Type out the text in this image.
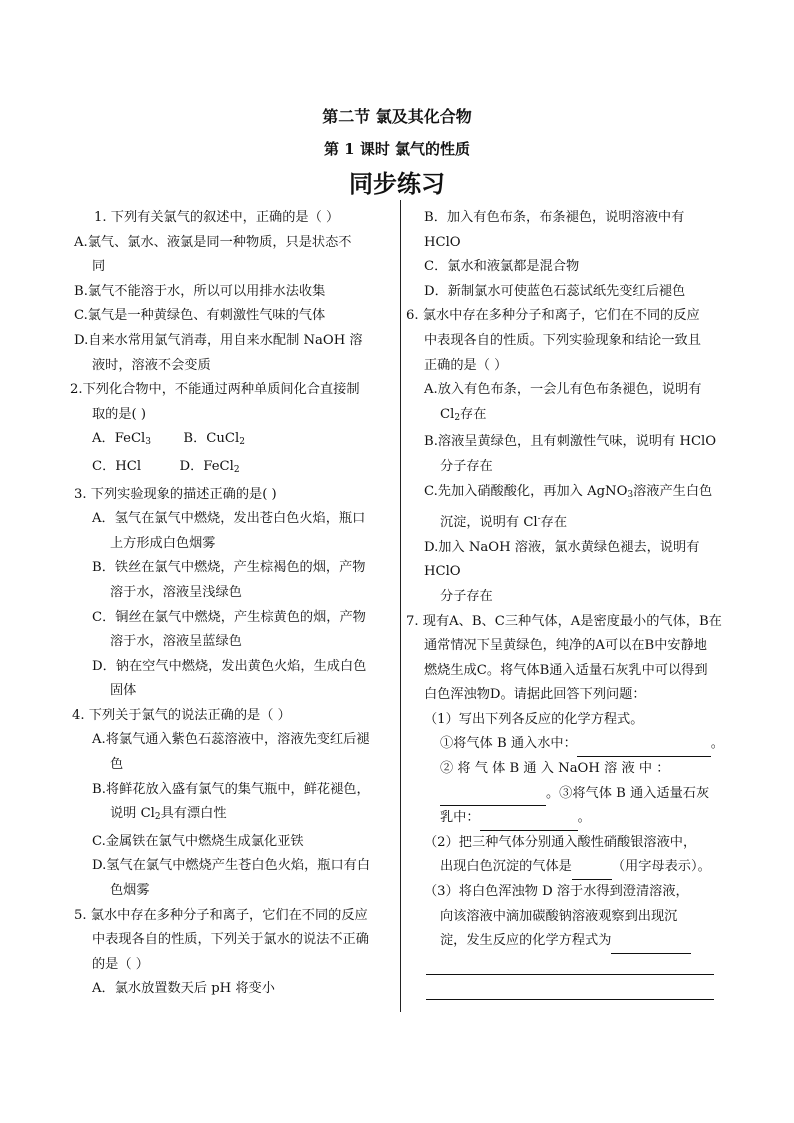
第二节 氯及其化合物
第 1 课时 氯气的性质
同步练习
1. 下列有关氯气的叙述中，正确的是（ ）
A.氯气、氯水、液氯是同一种物质，只是状态不
同
B.氯气不能溶于水，所以可以用排水法收集
C.氯气是一种黄绿色、有刺激性气味的气体
D.自来水常用氯气消毒，用自来水配制 NaOH 溶
液时，溶液不会变质
2.下列化合物中，不能通过两种单质间化合直接制
取的是( )
A．FeCl$_3$ B．CuCl$_2$
C．HCl	D．FeCl$_2$
3. 下列实验现象的描述正确的是( )
A．氢气在氯气中燃烧，发出苍白色火焰，瓶口
上方形成白色烟雾
B．铁丝在氯气中燃烧，产生棕褐色的烟，产物
溶于水，溶液呈浅绿色
C．铜丝在氯气中燃烧，产生棕黄色的烟，产物
溶于水，溶液呈蓝绿色
D．钠在空气中燃烧，发出黄色火焰，生成白色
固体
4. 下列关于氯气的说法正确的是（ ）
A.将氯气通入紫色石蕊溶液中，溶液先变红后褪
色
B.将鲜花放入盛有氯气的集气瓶中，鲜花褪色，
说明 $Cl_2$具有漂白性
C.金属铁在氯气中燃烧生成氯化亚铁
D.氢气在氯气中燃烧产生苍白色火焰，瓶口有白
色烟雾
5. 氯水中存在多种分子和离子，它们在不同的反应
中表现各自的性质，下列关于氯水的说法不正确
的是（ ）
A．氯水放置数天后 pH 将变小
B．加入有色布条，布条褪色，说明溶液中有 HClO
C．氯水和液氯都是混合物
D．新制氯水可使蓝色石蕊试纸先变红后褪色
6. 氯水中存在多种分子和离子，它们在不同的反应
中表现各自的性质。下列实验现象和结论一致且
正确的是（ ）
A.放入有色布条，一会儿有色布条褪色，说明有
$Cl_2$存在
B.溶液呈黄绿色，且有刺激性气味，说明有 HClO
分子存在
C.先加入硝酸酸化，再加入 AgNO$_3$溶液产生白色
沉淀，说明有 Cl-存在
D.加入 NaOH 溶液，氯水黄绿色褪去，说明有 HClO
分子存在
7. 现有A、B、C三种气体，A是密度最小的气体，B在
通常情况下呈黄绿色，纯净的A可以在B中安静地
燃烧生成C。将气体B通入适量石灰乳中可以得到
白色浑浊物D。请据此回答下列问题：
（1）写出下列各反应的化学方程式。
①将气体 B 通入水中：	。
② 将 气 体 B 通 入 NaOH 溶 液 中 ：
。③将气体 B 通入适量石灰
乳中：	。
（2）把三种气体分别通入酸性硝酸银溶液中，
出现白色沉淀的气体是	（用字母表示）。
（3）将白色浑浊物 D 溶于水得到澄清溶液，
向该溶液中滴加碳酸钠溶液观察到出现沉
淀，发生反应的化学方程式为
